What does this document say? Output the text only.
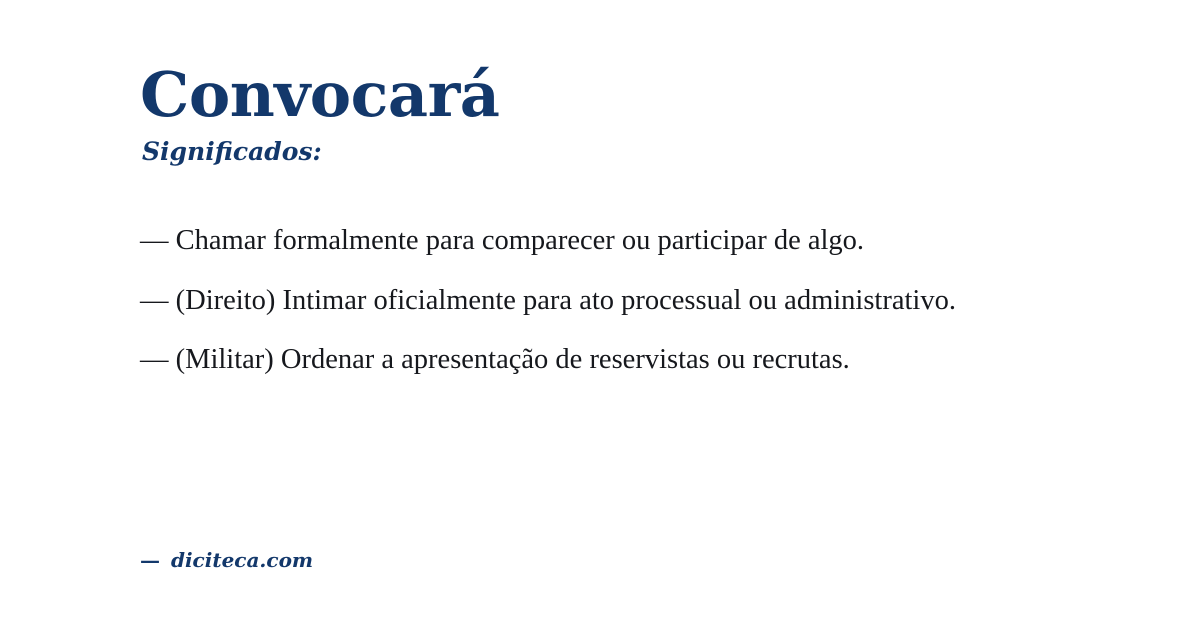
Convocará
Significados:

— Chamar formalmente para comparecer ou participar de algo.

— (Direito) Intimar oficialmente para ato processual ou administrativo.

— (Militar) Ordenar a apresentação de reservistas ou recrutas.

— diciteca.com
